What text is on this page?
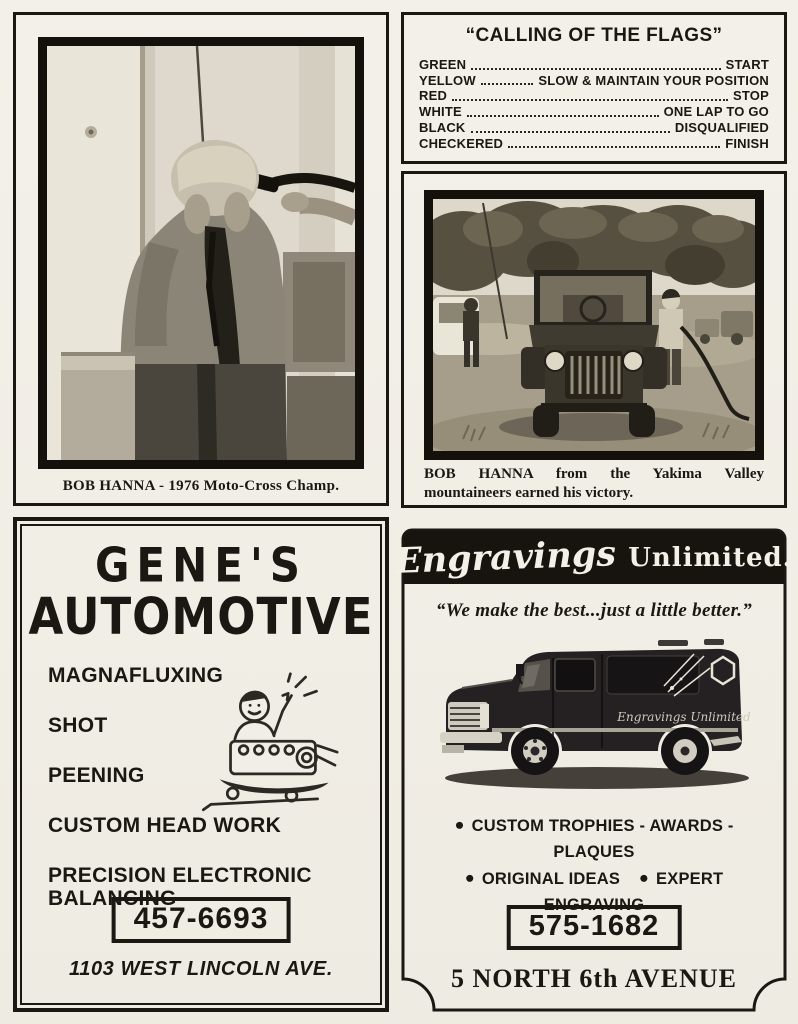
BOB HANNA - 1976 Moto-Cross Champ.
“CALLING OF THE FLAGS”
GREEN	START
YELLOW	SLOW & MAINTAIN YOUR POSITION
RED	STOP
WHITE	ONE LAP TO GO
BLACK	DISQUALIFIED
CHECKERED	FINISH
BOB HANNA from the Yakima Valley
mountaineers earned his victory.
GENE'S
AUTOMOTIVE
MAGNAFLUXING
SHOT
PEENING
CUSTOM HEAD WORK
PRECISION ELECTRONIC BALANCING
457-6693
1103 WEST LINCOLN AVE.
Engravings Unlimited.
“We make the best...just a little better.”
Engravings Unlimited
● CUSTOM TROPHIES - AWARDS - PLAQUES
● ORIGINAL IDEAS ● EXPERT ENGRAVING
575-1682
5 NORTH 6th AVENUE
